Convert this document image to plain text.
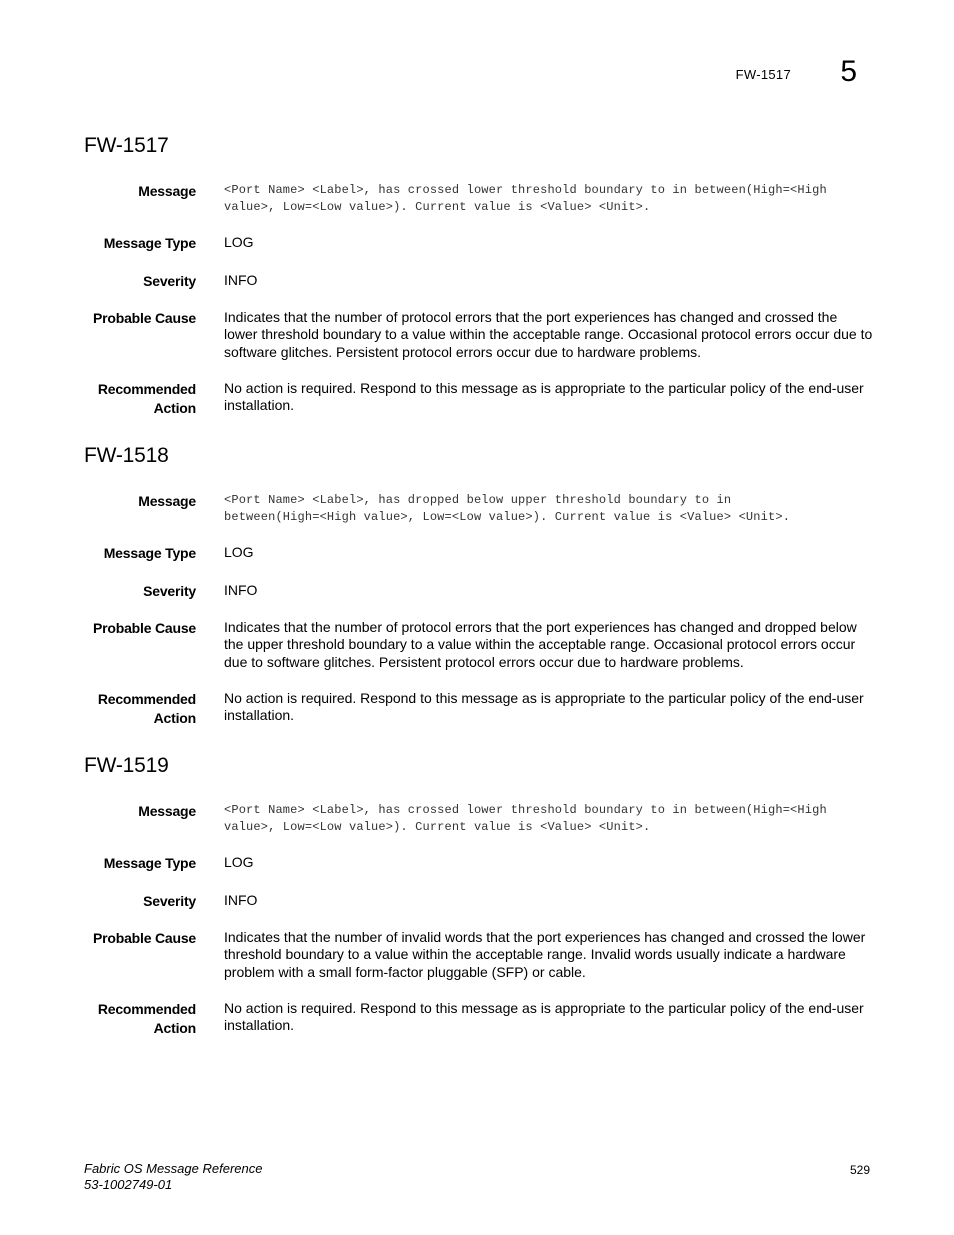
FW-1517 5
FW-1517
Message <Port Name> <Label>, has crossed lower threshold boundary to in between(High=<High
value>, Low=<Low value>). Current value is <Value> <Unit>.
Message Type LOG
Severity INFO
Probable Cause Indicates that the number of protocol errors that the port experiences has changed and crossed the lower threshold boundary to a value within the acceptable range. Occasional protocol errors occur due to software glitches. Persistent protocol errors occur due to hardware problems.
Recommended
Action
No action is required. Respond to this message as is appropriate to the particular policy of the end-user installation.
FW-1518
Message <Port Name> <Label>, has dropped below upper threshold boundary to in
between(High=<High value>, Low=<Low value>). Current value is <Value> <Unit>.
Message Type LOG
Severity INFO
Probable Cause Indicates that the number of protocol errors that the port experiences has changed and dropped below the upper threshold boundary to a value within the acceptable range. Occasional protocol errors occur due to software glitches. Persistent protocol errors occur due to hardware problems.
Recommended
Action
No action is required. Respond to this message as is appropriate to the particular policy of the end-user installation.
FW-1519
Message <Port Name> <Label>, has crossed lower threshold boundary to in between(High=<High
value>, Low=<Low value>). Current value is <Value> <Unit>.
Message Type LOG
Severity INFO
Probable Cause Indicates that the number of invalid words that the port experiences has changed and crossed the lower threshold boundary to a value within the acceptable range. Invalid words usually indicate a hardware problem with a small form-factor pluggable (SFP) or cable.
Recommended
Action
No action is required. Respond to this message as is appropriate to the particular policy of the end-user installation.
Fabric OS Message Reference
53-1002749-01
529
